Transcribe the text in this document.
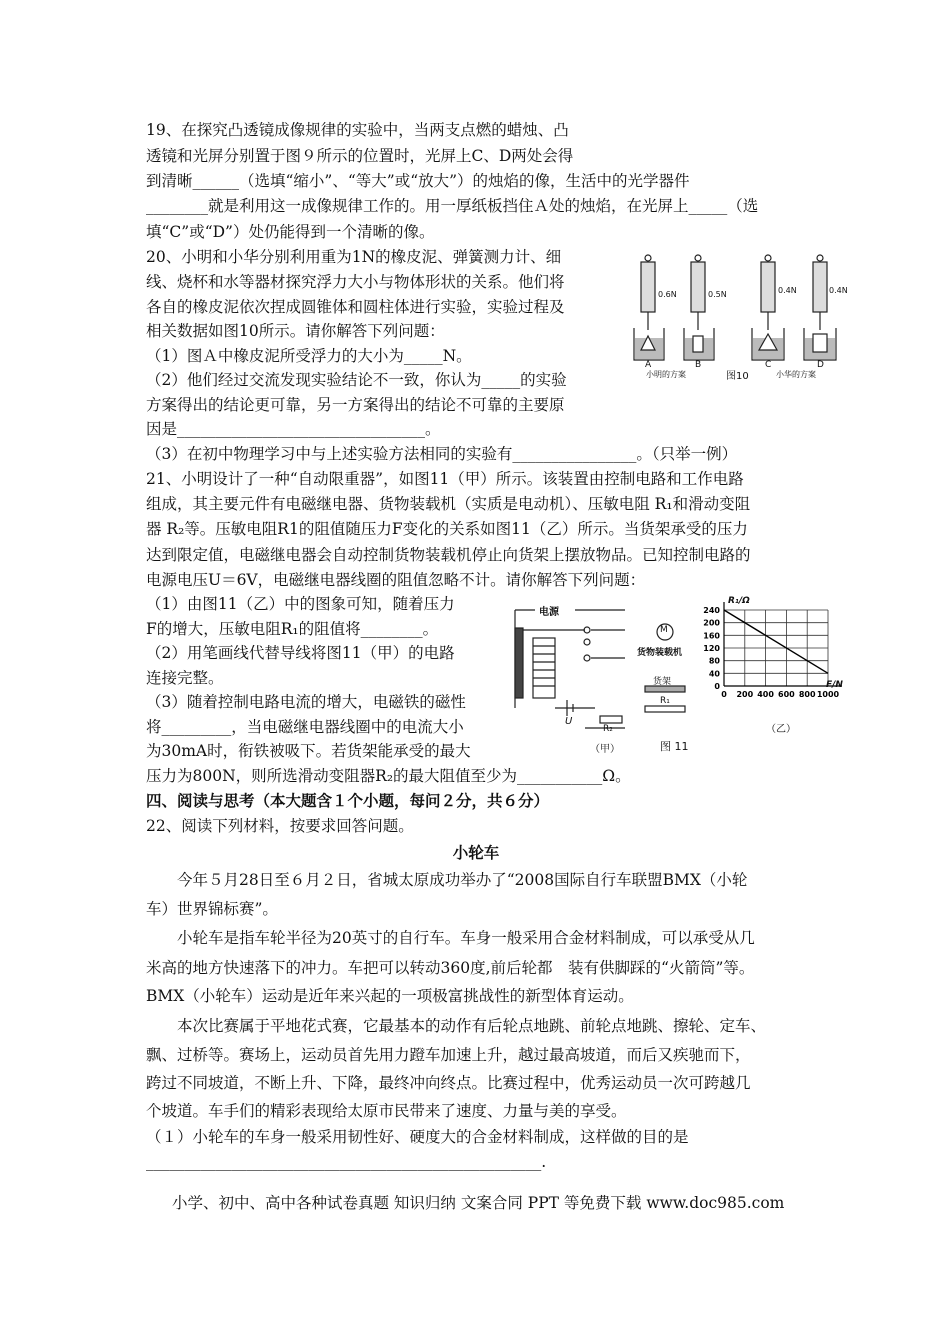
19、在探究凸透镜成像规律的实验中，当两支点燃的蜡烛、凸
透镜和光屏分别置于图９所示的位置时，光屏上C、D两处会得
到清晰______（选填“缩小”、“等大”或“放大”）的烛焰的像，生活中的光学器件
________就是利用这一成像规律工作的。用一厚纸板挡住Ａ处的烛焰，在光屏上_____（选
填“C”或“D”）处仍能得到一个清晰的像。
20、小明和小华分别利用重为1N的橡皮泥、弹簧测力计、细
线、烧杯和水等器材探究浮力大小与物体形状的关系。他们将
各自的橡皮泥依次捏成圆锥体和圆柱体进行实验，实验过程及
相关数据如图10所示。请你解答下列问题：
（1）图Ａ中橡皮泥所受浮力的大小为_____N。
（2）他们经过交流发现实验结论不一致，你认为_____的实验
方案得出的结论更可靠，另一方案得出的结论不可靠的主要原
因是________________________________。
（3）在初中物理学习中与上述实验方法相同的实验有________________。（只举一例）
0.6N	0.5N	0.4N	0.4N
A	B	C	D
小明的方案	图10	小华的方案
21、小明设计了一种“自动限重器”，如图11（甲）所示。该装置由控制电路和工作电路
组成，其主要元件有电磁继电器、货物装载机（实质是电动机）、压敏电阻 R₁和滑动变阻
器 R₂等。压敏电阻R1的阻值随压力F变化的关系如图11（乙）所示。当货架承受的压力
达到限定值，电磁继电器会自动控制货物装载机停止向货架上摆放物品。已知控制电路的
电源电压U＝6V，电磁继电器线圈的阻值忽略不计。请你解答下列问题：
（1）由图11（乙）中的图象可知，随着压力
F的增大，压敏电阻R₁的阻值将________。
（2）用笔画线代替导线将图11（甲）的电路
连接完整。
（3）随着控制电路电流的增大，电磁铁的磁性
将_________，当电磁继电器线圈中的电流大小
为30mA时，衔铁被吸下。若货架能承受的最大
压力为800N，则所选滑动变阻器R₂的最大阻值至少为___________Ω。
电源
M
货物装载机
货架
R₁
U
R₂
（甲）	图 11
0 200 400 600 800 1000
0
40
80
120
160
200
240
R₁/Ω
F/N
（乙）
四、阅读与思考（本大题含１个小题，每问２分，共６分）
22、阅读下列材料，按要求回答问题。
小轮车
今年５月28日至６月２日，省城太原成功举办了“2008国际自行车联盟BMX（小轮
车）世界锦标赛”。
小轮车是指车轮半径为20英寸的自行车。车身一般采用合金材料制成，可以承受从几
米高的地方快速落下的冲力。车把可以转动360度,前后轮都　装有供脚踩的“火箭筒”等。
BMX（小轮车）运动是近年来兴起的一项极富挑战性的新型体育运动。
本次比赛属于平地花式赛，它最基本的动作有后轮点地跳、前轮点地跳、擦轮、定车、
飘、过桥等。赛场上，运动员首先用力蹬车加速上升，越过最高坡道，而后又疾驰而下，
跨过不同坡道，不断上升、下降，最终冲向终点。比赛过程中，优秀运动员一次可跨越几
个坡道。车手们的精彩表现给太原市民带来了速度、力量与美的享受。
（１）小轮车的车身一般采用韧性好、硬度大的合金材料制成，这样做的目的是
___________________________________________________.
小学、初中、高中各种试卷真题 知识归纳 文案合同 PPT 等免费下载 www.doc985.com
